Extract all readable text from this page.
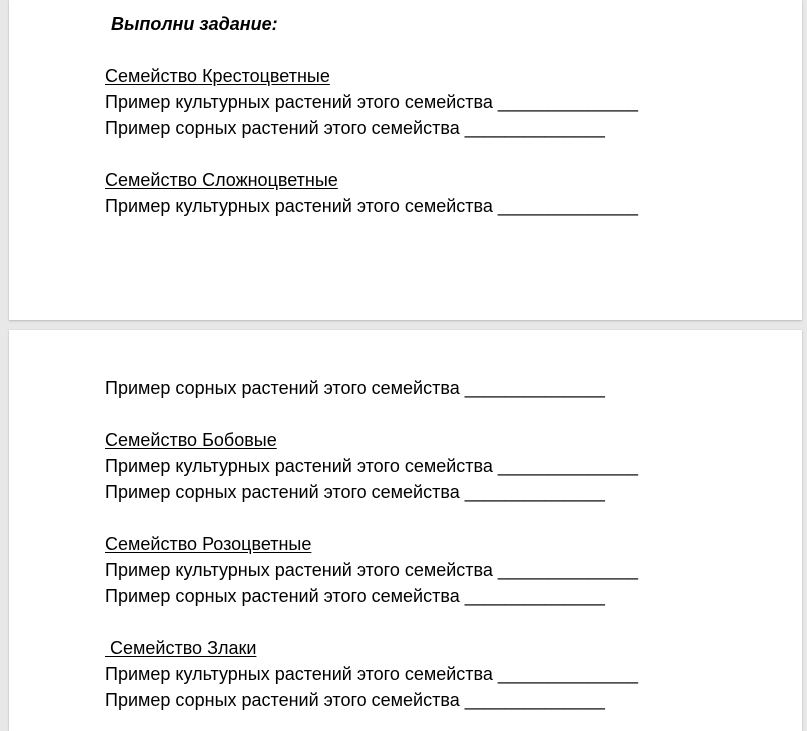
Выполни задание:
Семейство Крестоцветные
Пример культурных растений этого семейства ______________
Пример сорных растений этого семейства ______________
Семейство Сложноцветные
Пример культурных растений этого семейства ______________
Пример сорных растений этого семейства ______________
Семейство Бобовые
Пример культурных растений этого семейства ______________
Пример сорных растений этого семейства ______________
Семейство Розоцветные
Пример культурных растений этого семейства ______________
Пример сорных растений этого семейства ______________
Семейство Злаки
Пример культурных растений этого семейства ______________
Пример сорных растений этого семейства ______________
